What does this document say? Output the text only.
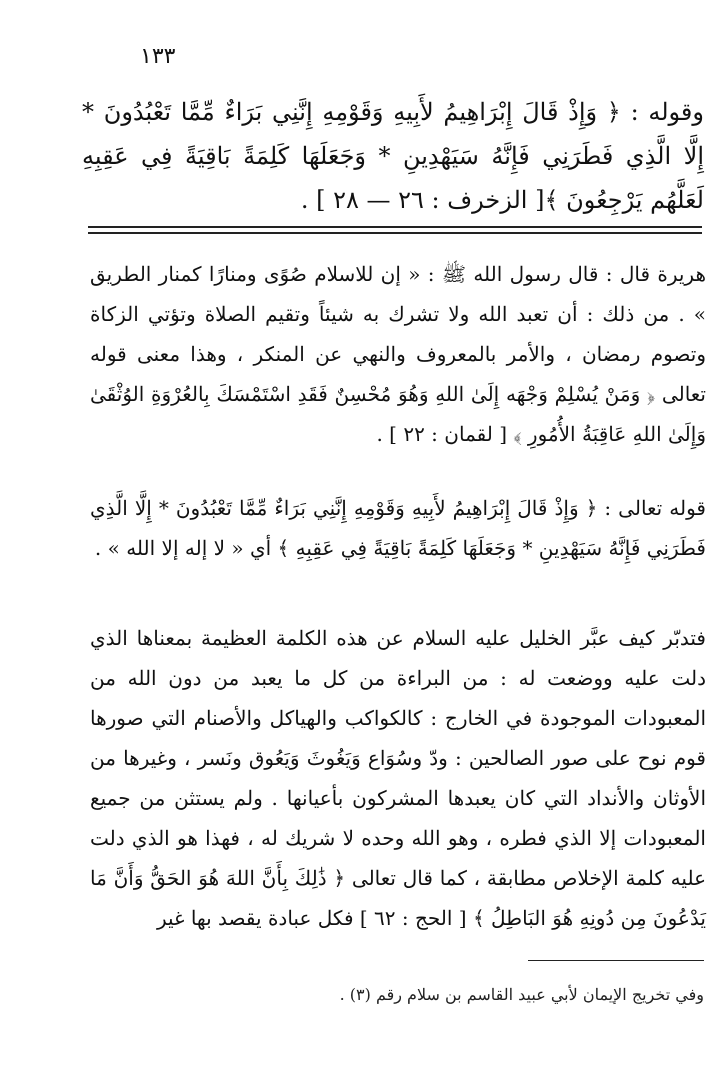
١٣٣
وقوله : ﴿ وَإِذْ قَالَ إِبْرَاهِيمُ لأَبِيهِ وَقَوْمِهِ إِنَّنِي بَرَاءٌ مِّمَّا تَعْبُدُونَ * إِلَّا الَّذِي فَطَرَنِي فَإِنَّهُ سَيَهْدِينِ * وَجَعَلَهَا كَلِمَةً بَاقِيَةً فِي عَقِبِهِ لَعَلَّهُم يَرْجِعُونَ ﴾[ الزخرف : ٢٦ — ٢٨ ] .
هريرة قال : قال رسول الله ﷺ : « إن للاسلام صُوًى ومنارًا كمنار الطريق » . من ذلك : أن تعبد الله ولا تشرك به شيئاً وتقيم الصلاة وتؤتي الزكاة وتصوم رمضان ، والأمر بالمعروف والنهي عن المنكر ، وهذا معنى قوله تعالى ﴿ وَمَنْ يُسْلِمْ وَجْهَه إِلَىٰ اللهِ وَهُوَ مُحْسِنٌ فَقَدِ اسْتَمْسَكَ بِالعُرْوَةِ الوُثْقَىٰ وَإِلَىٰ اللهِ عَاقِبَةُ الأُمُورِ ﴾ [ لقمان : ٢٢ ] .
قوله تعالى : ﴿ وَإِذْ قَالَ إِبْرَاهِيمُ لأَبِيهِ وَقَوْمِهِ إِنَّنِي بَرَاءٌ مِّمَّا تَعْبُدُونَ * إِلَّا الَّذِي فَطَرَنِي فَإِنَّهُ سَيَهْدِينِ * وَجَعَلَهَا كَلِمَةً بَاقِيَةً فِي عَقِبِهِ ﴾ أي « لا إله إلا الله » .
فتدبّر كيف عبَّر الخليل عليه السلام عن هذه الكلمة العظيمة بمعناها الذي دلت عليه ووضعت له : من البراءة من كل ما يعبد من دون الله من المعبودات الموجودة في الخارج : كالكواكب والهياكل والأصنام التي صورها قوم نوح على صور الصالحين : ودّ وسُوَاع وَيَغُوثَ وَيَعُوق ونَسر ، وغيرها من الأوثان والأنداد التي كان يعبدها المشركون بأعيانها . ولم يستثن من جميع المعبودات إلا الذي فطره ، وهو الله وحده لا شريك له ، فهذا هو الذي دلت عليه كلمة الإخلاص مطابقة ، كما قال تعالى ﴿ ذَٰلِكَ بِأَنَّ اللهَ هُوَ الحَقُّ وَأَنَّ مَا يَدْعُونَ مِن دُونِهِ هُوَ البَاطِلُ ﴾ [ الحج : ٦٢ ] فكل عبادة يقصد بها غير
وفي تخريج الإيمان لأبي عبيد القاسم بن سلام رقم (٣) .
